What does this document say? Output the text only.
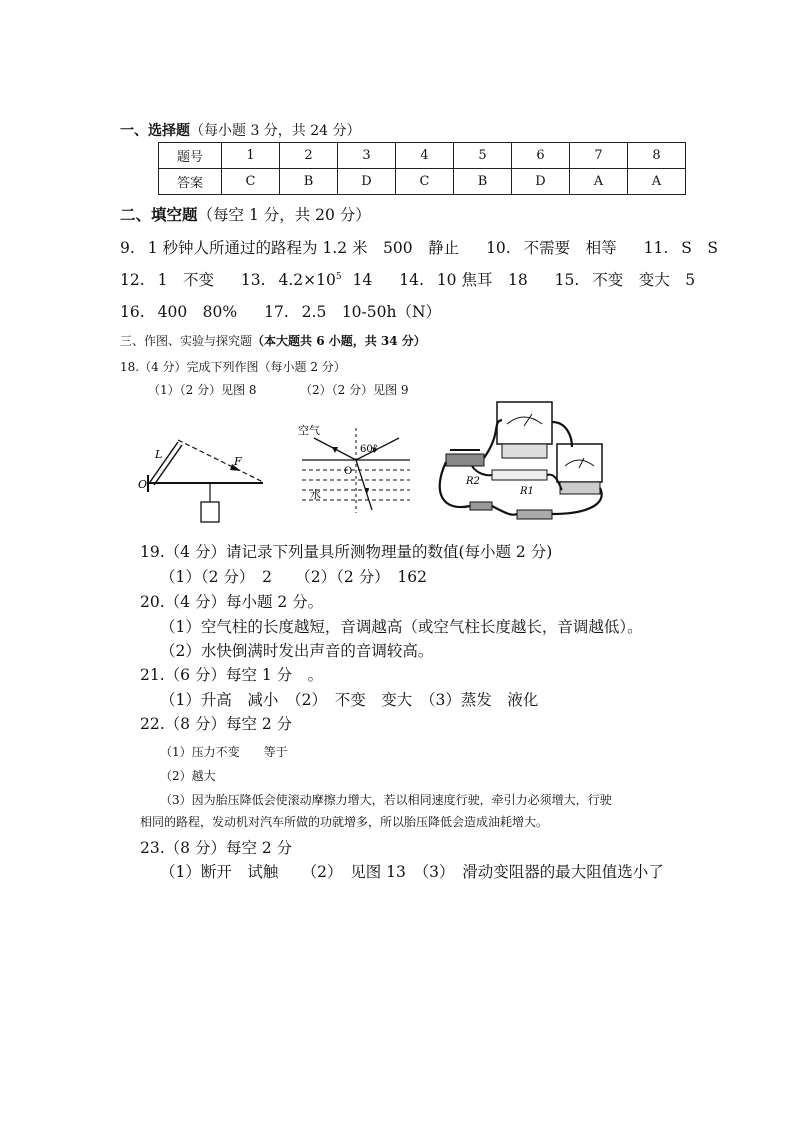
一、选择题（每小题 3 分，共 24 分）
题号	1	2	3	4	5	6	7	8
答案	C	B	D	C	B	D	A	A
二、填空题（每空 1 分，共 20 分）
9. 1 秒钟人所通过的路程为 1.2 米　500　静止 10. 不需要　相等 11. S　S
12. 1　不变 13. $4.2\times 10^5$ 14 14. 10 焦耳　18 15. 不变　变大　5
16. 400　80% 17. 2.5　10-50h（N）
三、作图、实验与探究题（本大题共 6 小题，共 34 分）
18.（4 分）完成下列作图（每小题 2 分）
（1）（2 分）见图 8	（2）（2 分）见图 9
L
O
F
空气
60°
O
水
R2
R1
19.（4 分）请记录下列量具所测物理量的数值(每小题 2 分)
（1）（2 分）　2　　（2）（2 分）　162
20.（4 分）每小题 2 分。
（1）空气柱的长度越短，音调越高（或空气柱长度越长，音调越低）。
（2）水快倒满时发出声音的音调较高。
21.（6 分）每空 1 分　。
（1）升高　减小　（2）　不变　变大　（3）蒸发　液化
22.（8 分）每空 2 分
（1）压力不变　　等于
（2）越大
（3）因为胎压降低会使滚动摩擦力增大，若以相同速度行驶，牵引力必须增大，行驶
相同的路程，发动机对汽车所做的功就增多，所以胎压降低会造成油耗增大。
23.（8 分）每空 2 分
（1）断开　试触　　（2）　见图 13　（3）　滑动变阻器的最大阻值选小了
